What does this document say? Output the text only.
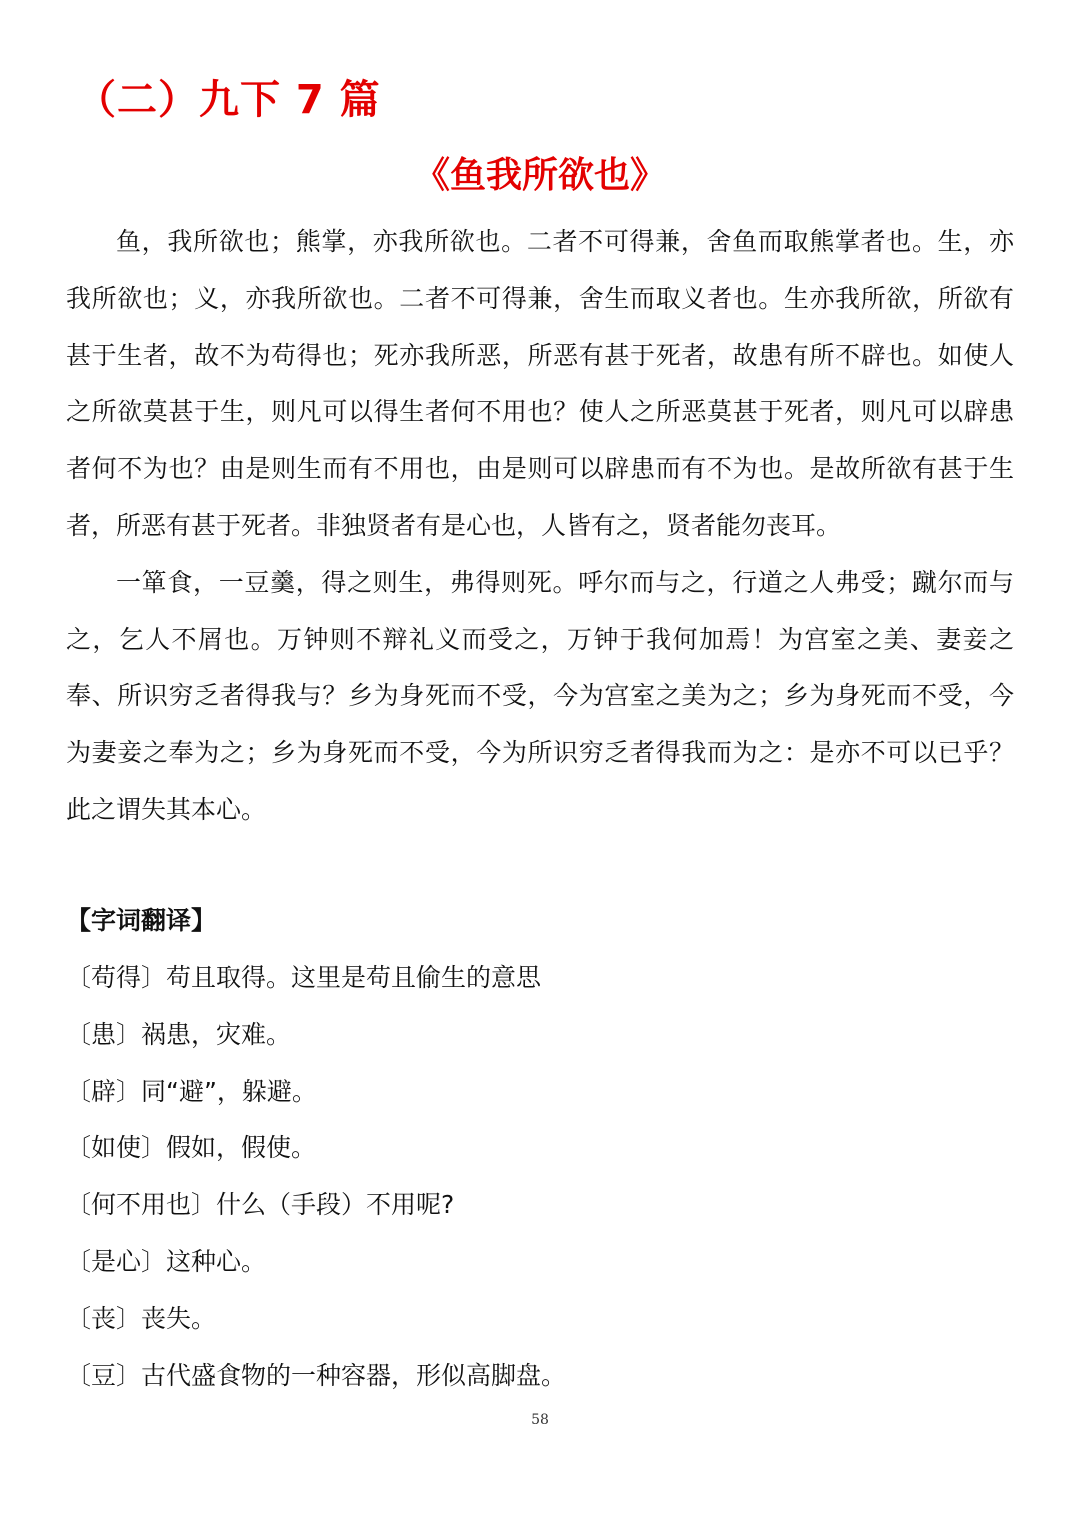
（二）九下 7 篇
《鱼我所欲也》

鱼，我所欲也；熊掌，亦我所欲也。二者不可得兼，舍鱼而取熊掌者也。生，亦我所欲也；义，亦我所欲也。二者不可得兼，舍生而取义者也。生亦我所欲，所欲有甚于生者，故不为苟得也；死亦我所恶，所恶有甚于死者，故患有所不辟也。如使人之所欲莫甚于生，则凡可以得生者何不用也？使人之所恶莫甚于死者，则凡可以辟患者何不为也？由是则生而有不用也，由是则可以辟患而有不为也。是故所欲有甚于生者，所恶有甚于死者。非独贤者有是心也，人皆有之，贤者能勿丧耳。

一箪食，一豆羹，得之则生，弗得则死。呼尔而与之，行道之人弗受；蹴尔而与之，乞人不屑也。万钟则不辩礼义而受之，万钟于我何加焉！为宫室之美、妻妾之奉、所识穷乏者得我与？乡为身死而不受，今为宫室之美为之；乡为身死而不受，今为妻妾之奉为之；乡为身死而不受，今为所识穷乏者得我而为之：是亦不可以已乎？此之谓失其本心。

【字词翻译】
〔苟得〕苟且取得。这里是苟且偷生的意思
〔患〕祸患，灾难。
〔辟〕同“避”，躲避。
〔如使〕假如，假使。
〔何不用也〕什么（手段）不用呢?
〔是心〕这种心。
〔丧〕丧失。
〔豆〕古代盛食物的一种容器，形似高脚盘。
58
